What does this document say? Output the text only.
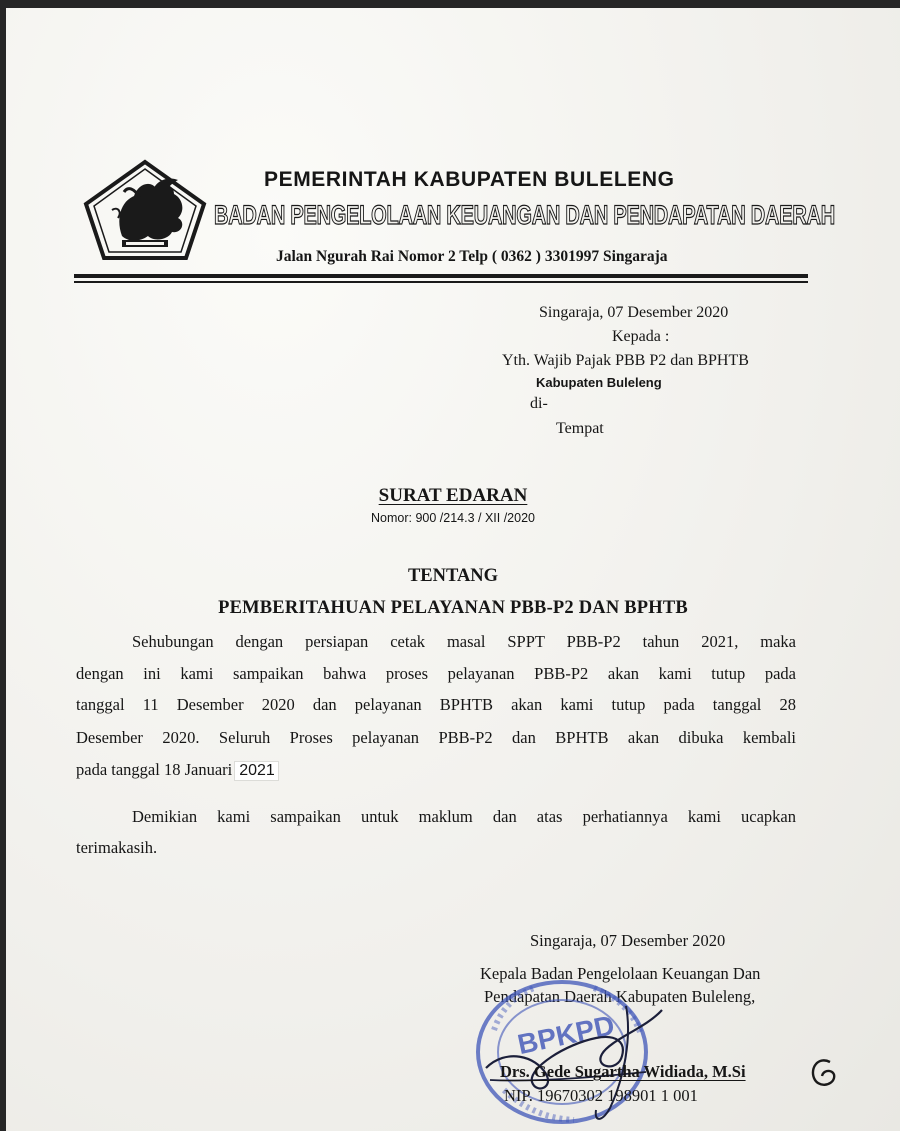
PEMERINTAH KABUPATEN BULELENG
BADAN PENGELOLAAN KEUANGAN DAN PENDAPATAN DAERAH
Jalan Ngurah Rai Nomor 2 Telp ( 0362 ) 3301997 Singaraja
Singaraja, 07 Desember 2020
Kepada :
Yth. Wajib Pajak PBB P2 dan BPHTB
Kabupaten Buleleng
di-
Tempat
SURAT EDARAN
Nomor: 900 /214.3 / XII /2020
TENTANG
PEMBERITAHUAN PELAYANAN PBB-P2 DAN BPHTB
Sehubungan dengan persiapan cetak masal SPPT PBB-P2 tahun 2021, maka
dengan ini kami sampaikan bahwa proses pelayanan PBB-P2 akan kami tutup pada
tanggal 11 Desember 2020 dan pelayanan BPHTB akan kami tutup pada tanggal 28
Desember 2020. Seluruh Proses pelayanan PBB-P2 dan BPHTB akan dibuka kembali
pada tanggal 18 Januari 2021
Demikian kami sampaikan untuk maklum dan atas perhatiannya kami ucapkan
terimakasih.
Singaraja, 07 Desember 2020
Kepala Badan Pengelolaan Keuangan Dan
Pendapatan Daerah Kabupaten Buleleng,
BPKPD
Drs. Gede Sugartha Widiada, M.Si
NIP. 19670302 198901 1 001
